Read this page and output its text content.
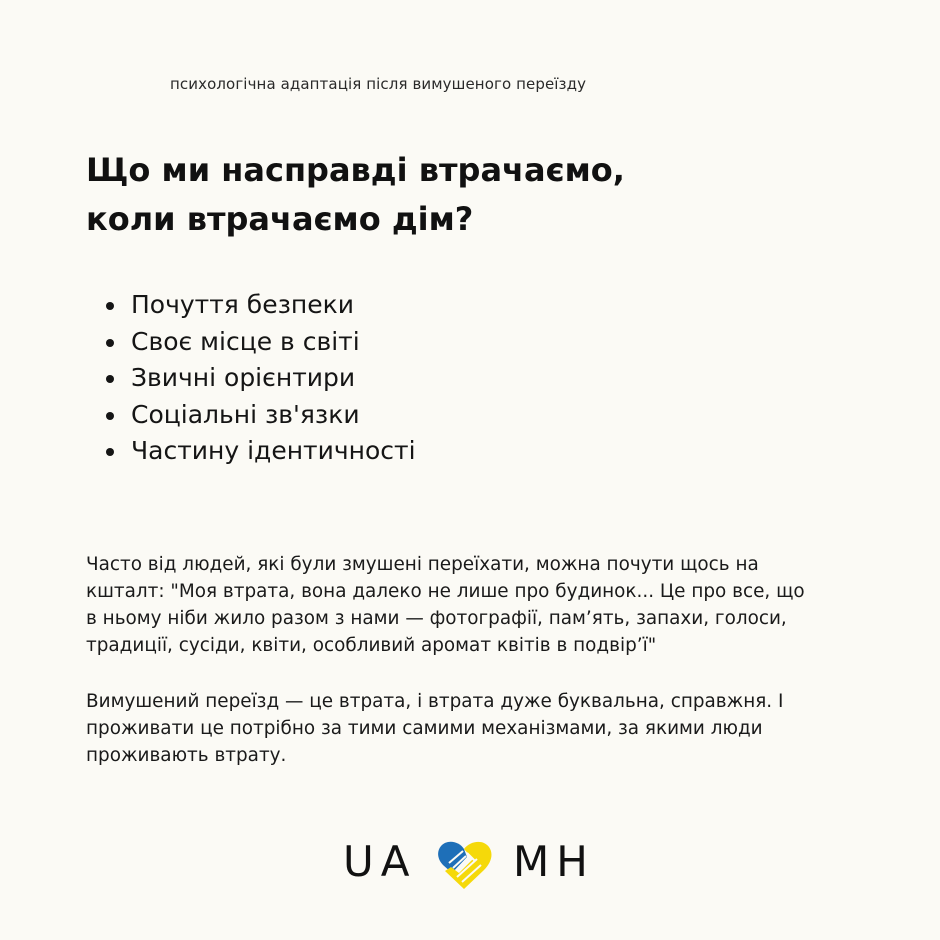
психологічна адаптація після вимушеного переїзду

Що ми насправді втрачаємо,
коли втрачаємо дім?
Почуття безпеки
Своє місце в світі
Звичні орієнтири
Соціальні зв'язки
Частину ідентичності

Часто від людей, які були змушені переїхати, можна почути щось на
кшталт: "Моя втрата, вона далеко не лише про будинок... Це про все, що
в ньому ніби жило разом з нами — фотографії, пам’ять, запахи, голоси,
традиції, сусіди, квіти, особливий аромат квітів в подвір’ї"

Вимушений переїзд — це втрата, і втрата дуже буквальна, справжня. І
проживати це потрібно за тими самими механізмами, за якими люди
проживають втрату.

UA MH
